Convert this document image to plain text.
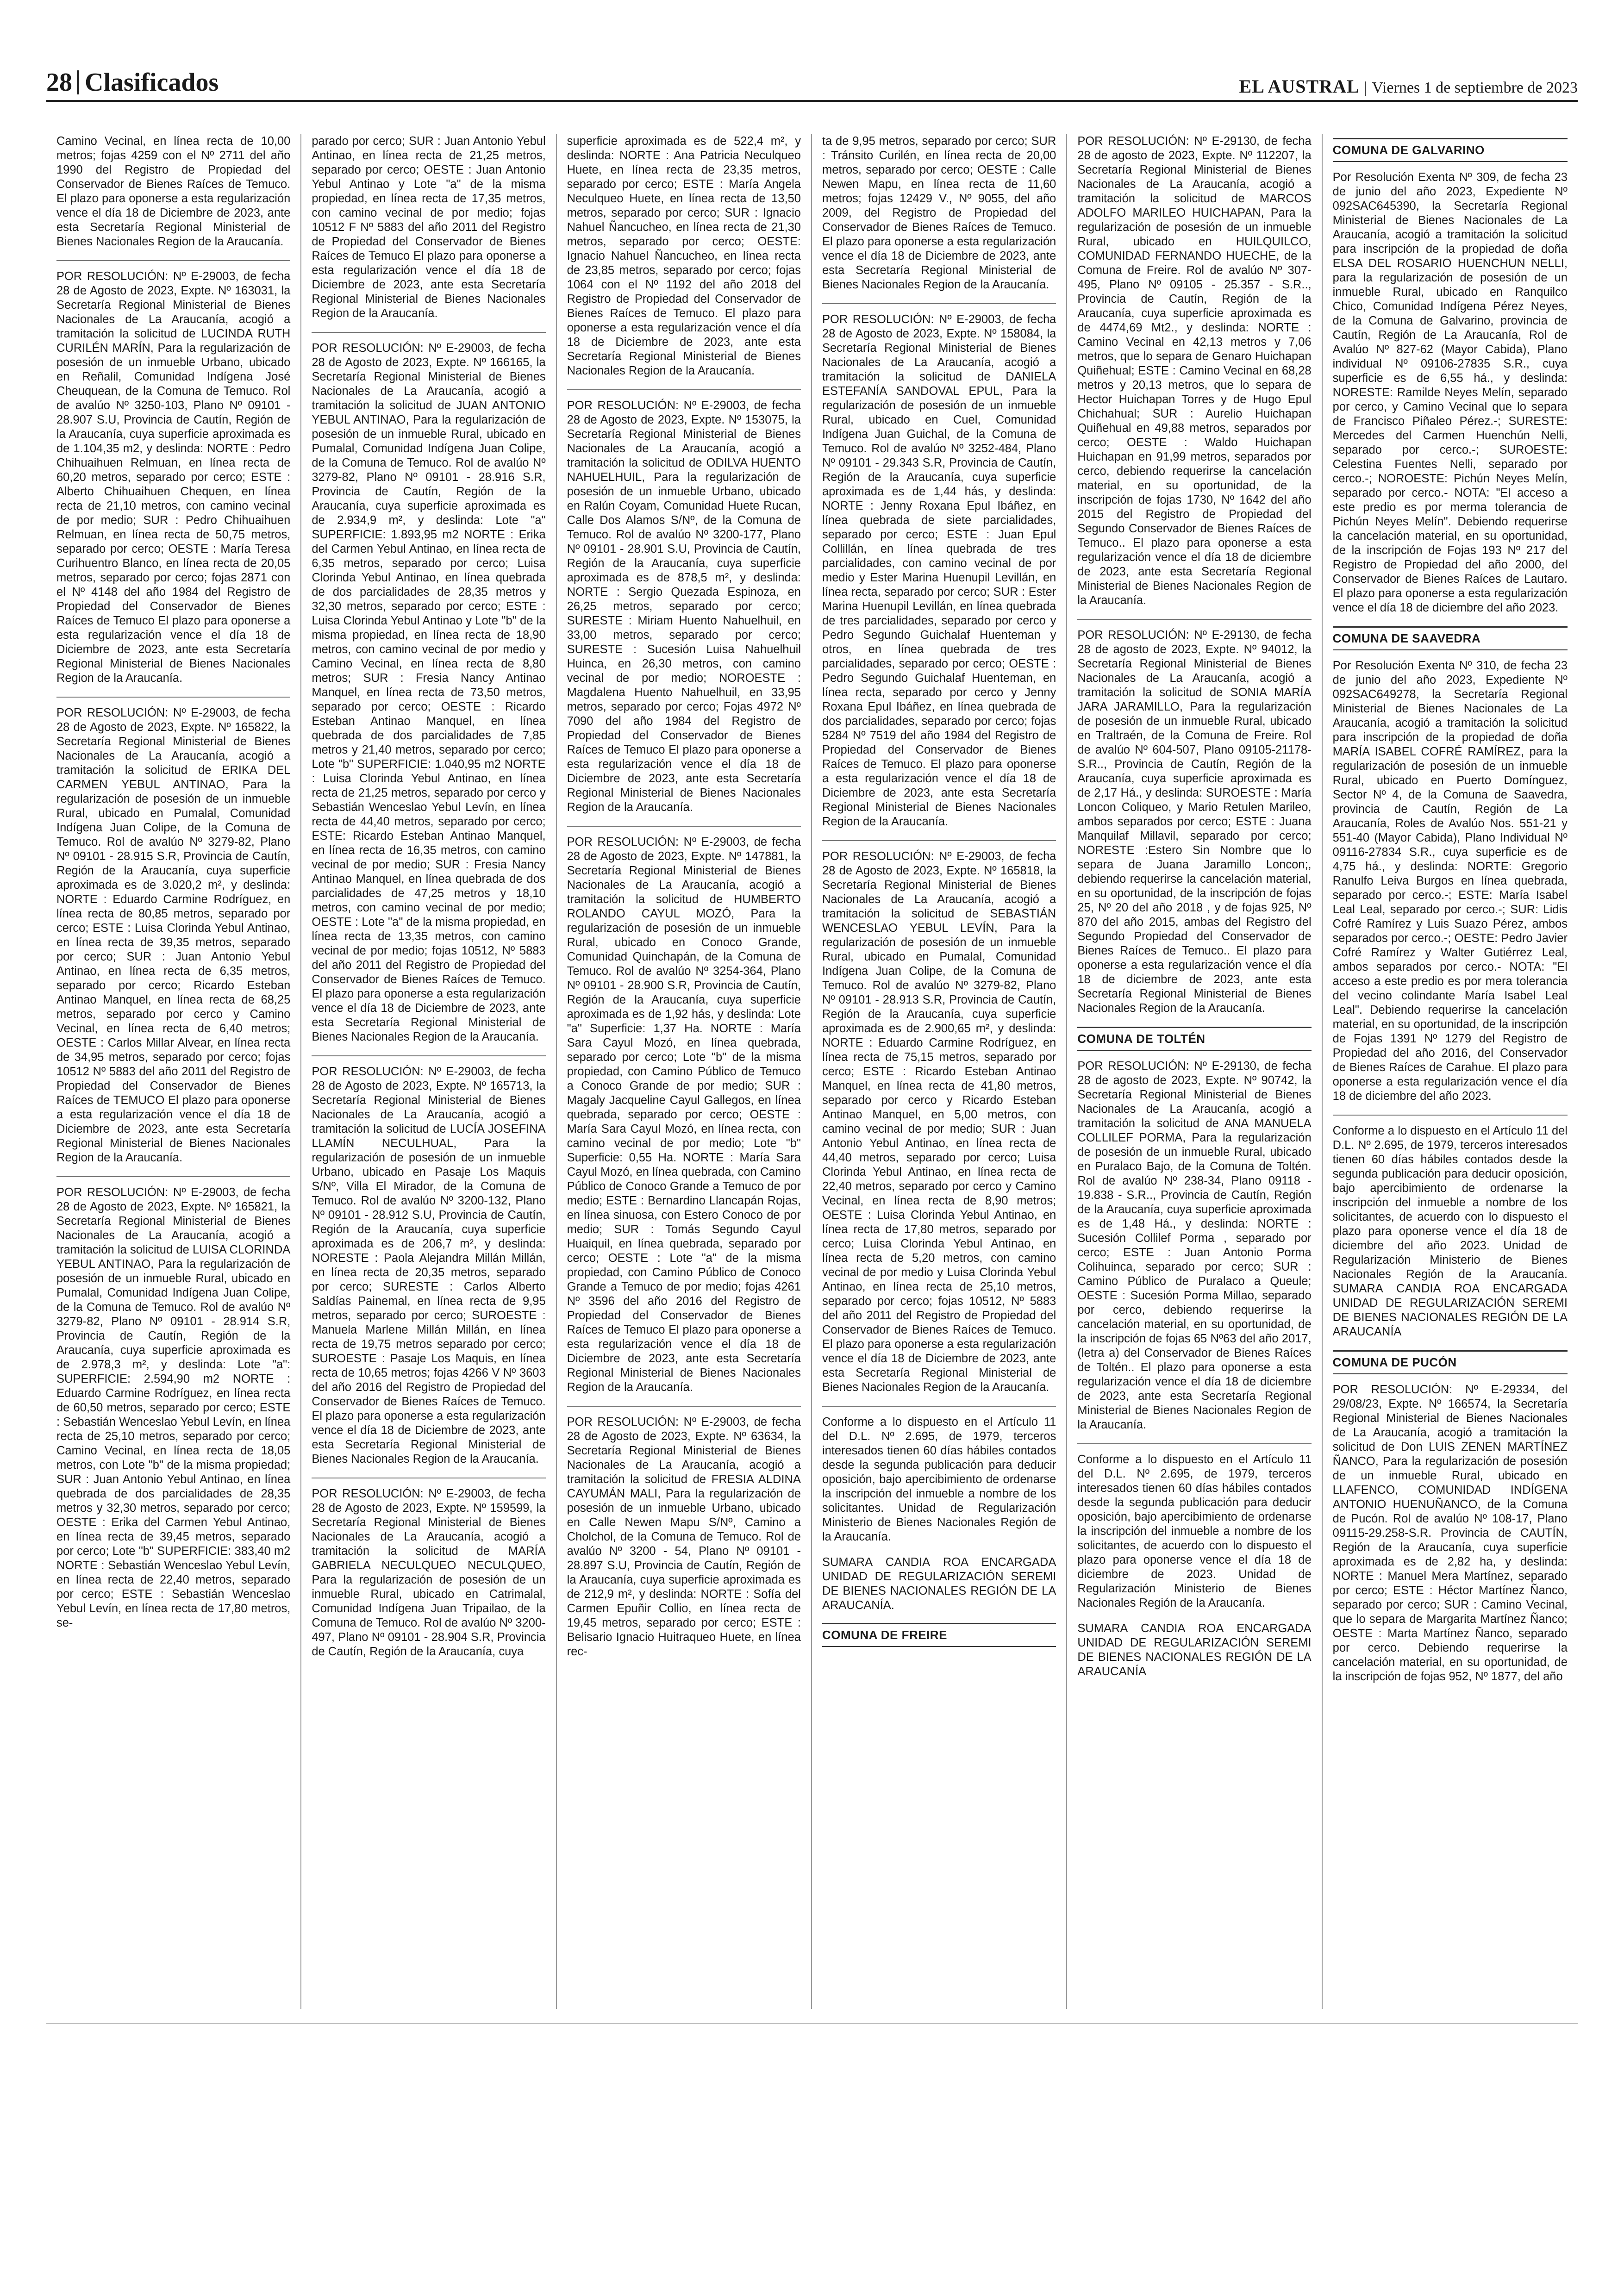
28 Clasificados	EL AUSTRAL | Viernes 1 de septiembre de 2023
Camino Vecinal, en línea recta de 10,00 metros; fojas 4259 con el Nº 2711 del año 1990 del Registro de Propiedad del Conservador de Bienes Raíces de Temuco. El plazo para oponerse a esta regularización vence el día 18 de Diciembre de 2023, ante esta Secretaría Regional Ministerial de Bienes Nacionales Region de la Araucanía.
POR RESOLUCIÓN: Nº E-29003, de fecha 28 de Agosto de 2023, Expte. Nº 163031, la Secretaría Regional Ministerial de Bienes Nacionales de La Araucanía, acogió a tramitación la solicitud de LUCINDA RUTH CURILÉN MARÍN, Para la regularización de posesión de un inmueble Urbano, ubicado en Reñalil, Comunidad Indígena José Cheuquean, de la Comuna de Temuco. Rol de avalúo Nº 3250-103, Plano Nº 09101 - 28.907 S.U, Provincia de Cautín, Región de la Araucanía, cuya superficie aproximada es de 1.104,35 m2, y deslinda: NORTE : Pedro Chihuaihuen Relmuan, en línea recta de 60,20 metros, separado por cerco; ESTE : Alberto Chihuaihuen Chequen, en línea recta de 21,10 metros, con camino vecinal de por medio; SUR : Pedro Chihuaihuen Relmuan, en línea recta de 50,75 metros, separado por cerco; OESTE : María Teresa Curihuentro Blanco, en línea recta de 20,05 metros, separado por cerco; fojas 2871 con el Nº 4148 del año 1984 del Registro de Propiedad del Conservador de Bienes Raíces de Temuco El plazo para oponerse a esta regularización vence el día 18 de Diciembre de 2023, ante esta Secretaría Regional Ministerial de Bienes Nacionales Region de la Araucanía.
POR RESOLUCIÓN: Nº E-29003, de fecha 28 de Agosto de 2023, Expte. Nº 165822, la Secretaría Regional Ministerial de Bienes Nacionales de La Araucanía, acogió a tramitación la solicitud de ERIKA DEL CARMEN YEBUL ANTINAO, Para la regularización de posesión de un inmueble Rural, ubicado en Pumalal, Comunidad Indígena Juan Colipe, de la Comuna de Temuco. Rol de avalúo Nº 3279-82, Plano Nº 09101 - 28.915 S.R, Provincia de Cautín, Región de la Araucanía, cuya superficie aproximada es de 3.020,2 m², y deslinda: NORTE : Eduardo Carmine Rodríguez, en línea recta de 80,85 metros, separado por cerco; ESTE : Luisa Clorinda Yebul Antinao, en línea recta de 39,35 metros, separado por cerco; SUR : Juan Antonio Yebul Antinao, en línea recta de 6,35 metros, separado por cerco; Ricardo Esteban Antinao Manquel, en línea recta de 68,25 metros, separado por cerco y Camino Vecinal, en línea recta de 6,40 metros; OESTE : Carlos Millar Alvear, en línea recta de 34,95 metros, separado por cerco; fojas 10512 Nº 5883 del año 2011 del Registro de Propiedad del Conservador de Bienes Raíces de TEMUCO El plazo para oponerse a esta regularización vence el día 18 de Diciembre de 2023, ante esta Secretaría Regional Ministerial de Bienes Nacionales Region de la Araucanía.
POR RESOLUCIÓN: Nº E-29003, de fecha 28 de Agosto de 2023, Expte. Nº 165821, la Secretaría Regional Ministerial de Bienes Nacionales de La Araucanía, acogió a tramitación la solicitud de LUISA CLORINDA YEBUL ANTINAO, Para la regularización de posesión de un inmueble Rural, ubicado en Pumalal, Comunidad Indígena Juan Colipe, de la Comuna de Temuco. Rol de avalúo Nº 3279-82, Plano Nº 09101 - 28.914 S.R, Provincia de Cautín, Región de la Araucanía, cuya superficie aproximada es de 2.978,3 m², y deslinda: Lote "a": SUPERFICIE: 2.594,90 m2 NORTE : Eduardo Carmine Rodríguez, en línea recta de 60,50 metros, separado por cerco; ESTE : Sebastián Wenceslao Yebul Levín, en línea recta de 25,10 metros, separado por cerco; Camino Vecinal, en línea recta de 18,05 metros, con Lote "b" de la misma propiedad; SUR : Juan Antonio Yebul Antinao, en línea quebrada de dos parcialidades de 28,35 metros y 32,30 metros, separado por cerco; OESTE : Erika del Carmen Yebul Antinao, en línea recta de 39,45 metros, separado por cerco; Lote "b" SUPERFICIE: 383,40 m2 NORTE : Sebastián Wenceslao Yebul Levín, en línea recta de 22,40 metros, separado por cerco; ESTE : Sebastián Wenceslao Yebul Levín, en línea recta de 17,80 metros, se-
parado por cerco; SUR : Juan Antonio Yebul Antinao, en línea recta de 21,25 metros, separado por cerco; OESTE : Juan Antonio Yebul Antinao y Lote "a" de la misma propiedad, en línea recta de 17,35 metros, con camino vecinal de por medio; fojas 10512 F Nº 5883 del año 2011 del Registro de Propiedad del Conservador de Bienes Raíces de Temuco El plazo para oponerse a esta regularización vence el día 18 de Diciembre de 2023, ante esta Secretaría Regional Ministerial de Bienes Nacionales Region de la Araucanía.
POR RESOLUCIÓN: Nº E-29003, de fecha 28 de Agosto de 2023, Expte. Nº 166165, la Secretaría Regional Ministerial de Bienes Nacionales de La Araucanía, acogió a tramitación la solicitud de JUAN ANTONIO YEBUL ANTINAO, Para la regularización de posesión de un inmueble Rural, ubicado en Pumalal, Comunidad Indígena Juan Colipe, de la Comuna de Temuco. Rol de avalúo Nº 3279-82, Plano Nº 09101 - 28.916 S.R, Provincia de Cautín, Región de la Araucanía, cuya superficie aproximada es de 2.934,9 m², y deslinda: Lote "a" SUPERFICIE: 1.893,95 m2 NORTE : Erika del Carmen Yebul Antinao, en línea recta de 6,35 metros, separado por cerco; Luisa Clorinda Yebul Antinao, en línea quebrada de dos parcialidades de 28,35 metros y 32,30 metros, separado por cerco; ESTE : Luisa Clorinda Yebul Antinao y Lote "b" de la misma propiedad, en línea recta de 18,90 metros, con camino vecinal de por medio y Camino Vecinal, en línea recta de 8,80 metros; SUR : Fresia Nancy Antinao Manquel, en línea recta de 73,50 metros, separado por cerco; OESTE : Ricardo Esteban Antinao Manquel, en línea quebrada de dos parcialidades de 7,85 metros y 21,40 metros, separado por cerco; Lote "b" SUPERFICIE: 1.040,95 m2 NORTE : Luisa Clorinda Yebul Antinao, en línea recta de 21,25 metros, separado por cerco y Sebastián Wenceslao Yebul Levín, en línea recta de 44,40 metros, separado por cerco; ESTE: Ricardo Esteban Antinao Manquel, en línea recta de 16,35 metros, con camino vecinal de por medio; SUR : Fresia Nancy Antinao Manquel, en línea quebrada de dos parcialidades de 47,25 metros y 18,10 metros, con camino vecinal de por medio; OESTE : Lote "a" de la misma propiedad, en línea recta de 13,35 metros, con camino vecinal de por medio; fojas 10512, Nº 5883 del año 2011 del Registro de Propiedad del Conservador de Bienes Raíces de Temuco. El plazo para oponerse a esta regularización vence el día 18 de Diciembre de 2023, ante esta Secretaría Regional Ministerial de Bienes Nacionales Region de la Araucanía.
POR RESOLUCIÓN: Nº E-29003, de fecha 28 de Agosto de 2023, Expte. Nº 165713, la Secretaría Regional Ministerial de Bienes Nacionales de La Araucanía, acogió a tramitación la solicitud de LUCÍA JOSEFINA LLAMÍN NECULHUAL, Para la regularización de posesión de un inmueble Urbano, ubicado en Pasaje Los Maquis S/Nº, Villa El Mirador, de la Comuna de Temuco. Rol de avalúo Nº 3200-132, Plano Nº 09101 - 28.912 S.U, Provincia de Cautín, Región de la Araucanía, cuya superficie aproximada es de 206,7 m², y deslinda: NORESTE : Paola Alejandra Millán Millán, en línea recta de 20,35 metros, separado por cerco; SURESTE : Carlos Alberto Saldías Painemal, en línea recta de 9,95 metros, separado por cerco; SUROESTE : Manuela Marlene Millán Millán, en línea recta de 19,75 metros separado por cerco; SUROESTE : Pasaje Los Maquis, en línea recta de 10,65 metros; fojas 4266 V Nº 3603 del año 2016 del Registro de Propiedad del Conservador de Bienes Raíces de Temuco. El plazo para oponerse a esta regularización vence el día 18 de Diciembre de 2023, ante esta Secretaría Regional Ministerial de Bienes Nacionales Region de la Araucanía.
POR RESOLUCIÓN: Nº E-29003, de fecha 28 de Agosto de 2023, Expte. Nº 159599, la Secretaría Regional Ministerial de Bienes Nacionales de La Araucanía, acogió a tramitación la solicitud de MARÍA GABRIELA NECULQUEO NECULQUEO, Para la regularización de posesión de un inmueble Rural, ubicado en Catrimalal, Comunidad Indígena Juan Tripailao, de la Comuna de Temuco. Rol de avalúo Nº 3200-497, Plano Nº 09101 - 28.904 S.R, Provincia de Cautín, Región de la Araucanía, cuya
superficie aproximada es de 522,4 m², y deslinda: NORTE : Ana Patricia Neculqueo Huete, en línea recta de 23,35 metros, separado por cerco; ESTE : María Angela Neculqueo Huete, en línea recta de 13,50 metros, separado por cerco; SUR : Ignacio Nahuel Ñancucheo, en línea recta de 21,30 metros, separado por cerco; OESTE: Ignacio Nahuel Ñancucheo, en línea recta de 23,85 metros, separado por cerco; fojas 1064 con el Nº 1192 del año 2018 del Registro de Propiedad del Conservador de Bienes Raíces de Temuco. El plazo para oponerse a esta regularización vence el día 18 de Diciembre de 2023, ante esta Secretaría Regional Ministerial de Bienes Nacionales Region de la Araucanía.
POR RESOLUCIÓN: Nº E-29003, de fecha 28 de Agosto de 2023, Expte. Nº 153075, la Secretaría Regional Ministerial de Bienes Nacionales de La Araucanía, acogió a tramitación la solicitud de ODILVA HUENTO NAHUELHUIL, Para la regularización de posesión de un inmueble Urbano, ubicado en Ralún Coyam, Comunidad Huete Rucan, Calle Dos Alamos S/Nº, de la Comuna de Temuco. Rol de avalúo Nº 3200-177, Plano Nº 09101 - 28.901 S.U, Provincia de Cautín, Región de la Araucanía, cuya superficie aproximada es de 878,5 m², y deslinda: NORTE : Sergio Quezada Espinoza, en 26,25 metros, separado por cerco; SURESTE : Miriam Huento Nahuelhuil, en 33,00 metros, separado por cerco; SURESTE : Sucesión Luisa Nahuelhuil Huinca, en 26,30 metros, con camino vecinal de por medio; NOROESTE : Magdalena Huento Nahuelhuil, en 33,95 metros, separado por cerco; Fojas 4972 Nº 7090 del año 1984 del Registro de Propiedad del Conservador de Bienes Raíces de Temuco El plazo para oponerse a esta regularización vence el día 18 de Diciembre de 2023, ante esta Secretaría Regional Ministerial de Bienes Nacionales Region de la Araucanía.
POR RESOLUCIÓN: Nº E-29003, de fecha 28 de Agosto de 2023, Expte. Nº 147881, la Secretaría Regional Ministerial de Bienes Nacionales de La Araucanía, acogió a tramitación la solicitud de HUMBERTO ROLANDO CAYUL MOZÓ, Para la regularización de posesión de un inmueble Rural, ubicado en Conoco Grande, Comunidad Quinchapán, de la Comuna de Temuco. Rol de avalúo Nº 3254-364, Plano Nº 09101 - 28.900 S.R, Provincia de Cautín, Región de la Araucanía, cuya superficie aproximada es de 1,92 hás, y deslinda: Lote "a" Superficie: 1,37 Ha. NORTE : María Sara Cayul Mozó, en línea quebrada, separado por cerco; Lote "b" de la misma propiedad, con Camino Público de Temuco a Conoco Grande de por medio; SUR : Magaly Jacqueline Cayul Gallegos, en línea quebrada, separado por cerco; OESTE : María Sara Cayul Mozó, en línea recta, con camino vecinal de por medio; Lote "b" Superficie: 0,55 Ha. NORTE : María Sara Cayul Mozó, en línea quebrada, con Camino Público de Conoco Grande a Temuco de por medio; ESTE : Bernardino Llancapán Rojas, en línea sinuosa, con Estero Conoco de por medio; SUR : Tomás Segundo Cayul Huaiquil, en línea quebrada, separado por cerco; OESTE : Lote "a" de la misma propiedad, con Camino Público de Conoco Grande a Temuco de por medio; fojas 4261 Nº 3596 del año 2016 del Registro de Propiedad del Conservador de Bienes Raíces de Temuco El plazo para oponerse a esta regularización vence el día 18 de Diciembre de 2023, ante esta Secretaría Regional Ministerial de Bienes Nacionales Region de la Araucanía.
POR RESOLUCIÓN: Nº E-29003, de fecha 28 de Agosto de 2023, Expte. Nº 63634, la Secretaría Regional Ministerial de Bienes Nacionales de La Araucanía, acogió a tramitación la solicitud de FRESIA ALDINA CAYUMÁN MALI, Para la regularización de posesión de un inmueble Urbano, ubicado en Calle Newen Mapu S/Nº, Camino a Cholchol, de la Comuna de Temuco. Rol de avalúo Nº 3200 - 54, Plano Nº 09101 - 28.897 S.U, Provincia de Cautín, Región de la Araucanía, cuya superficie aproximada es de 212,9 m², y deslinda: NORTE : Sofía del Carmen Epuñir Collio, en línea recta de 19,45 metros, separado por cerco; ESTE : Belisario Ignacio Huitraqueo Huete, en línea rec-
ta de 9,95 metros, separado por cerco; SUR : Tránsito Curilén, en línea recta de 20,00 metros, separado por cerco; OESTE : Calle Newen Mapu, en línea recta de 11,60 metros; fojas 12429 V., Nº 9055, del año 2009, del Registro de Propiedad del Conservador de Bienes Raíces de Temuco. El plazo para oponerse a esta regularización vence el día 18 de Diciembre de 2023, ante esta Secretaría Regional Ministerial de Bienes Nacionales Region de la Araucanía.
POR RESOLUCIÓN: Nº E-29003, de fecha 28 de Agosto de 2023, Expte. Nº 158084, la Secretaría Regional Ministerial de Bienes Nacionales de La Araucanía, acogió a tramitación la solicitud de DANIELA ESTEFANÍA SANDOVAL EPUL, Para la regularización de posesión de un inmueble Rural, ubicado en Cuel, Comunidad Indígena Juan Guichal, de la Comuna de Temuco. Rol de avalúo Nº 3252-484, Plano Nº 09101 - 29.343 S.R, Provincia de Cautín, Región de la Araucanía, cuya superficie aproximada es de 1,44 hás, y deslinda: NORTE : Jenny Roxana Epul Ibáñez, en línea quebrada de siete parcialidades, separado por cerco; ESTE : Juan Epul Collillán, en línea quebrada de tres parcialidades, con camino vecinal de por medio y Ester Marina Huenupil Levillán, en línea recta, separado por cerco; SUR : Ester Marina Huenupil Levillán, en línea quebrada de tres parcialidades, separado por cerco y Pedro Segundo Guichalaf Huenteman y otros, en línea quebrada de tres parcialidades, separado por cerco; OESTE : Pedro Segundo Guichalaf Huenteman, en línea recta, separado por cerco y Jenny Roxana Epul Ibáñez, en línea quebrada de dos parcialidades, separado por cerco; fojas 5284 Nº 7519 del año 1984 del Registro de Propiedad del Conservador de Bienes Raíces de Temuco. El plazo para oponerse a esta regularización vence el día 18 de Diciembre de 2023, ante esta Secretaría Regional Ministerial de Bienes Nacionales Region de la Araucanía.
POR RESOLUCIÓN: Nº E-29003, de fecha 28 de Agosto de 2023, Expte. Nº 165818, la Secretaría Regional Ministerial de Bienes Nacionales de La Araucanía, acogió a tramitación la solicitud de SEBASTIÁN WENCESLAO YEBUL LEVÍN, Para la regularización de posesión de un inmueble Rural, ubicado en Pumalal, Comunidad Indígena Juan Colipe, de la Comuna de Temuco. Rol de avalúo Nº 3279-82, Plano Nº 09101 - 28.913 S.R, Provincia de Cautín, Región de la Araucanía, cuya superficie aproximada es de 2.900,65 m², y deslinda: NORTE : Eduardo Carmine Rodríguez, en línea recta de 75,15 metros, separado por cerco; ESTE : Ricardo Esteban Antinao Manquel, en línea recta de 41,80 metros, separado por cerco y Ricardo Esteban Antinao Manquel, en 5,00 metros, con camino vecinal de por medio; SUR : Juan Antonio Yebul Antinao, en línea recta de 44,40 metros, separado por cerco; Luisa Clorinda Yebul Antinao, en línea recta de 22,40 metros, separado por cerco y Camino Vecinal, en línea recta de 8,90 metros; OESTE : Luisa Clorinda Yebul Antinao, en línea recta de 17,80 metros, separado por cerco; Luisa Clorinda Yebul Antinao, en línea recta de 5,20 metros, con camino vecinal de por medio y Luisa Clorinda Yebul Antinao, en línea recta de 25,10 metros, separado por cerco; fojas 10512, Nº 5883 del año 2011 del Registro de Propiedad del Conservador de Bienes Raíces de Temuco. El plazo para oponerse a esta regularización vence el día 18 de Diciembre de 2023, ante esta Secretaría Regional Ministerial de Bienes Nacionales Region de la Araucanía.
Conforme a lo dispuesto en el Artículo 11 del D.L. Nº 2.695, de 1979, terceros interesados tienen 60 días hábiles contados desde la segunda publicación para deducir oposición, bajo apercibimiento de ordenarse la inscripción del inmueble a nombre de los solicitantes. Unidad de Regularización Ministerio de Bienes Nacionales Región de la Araucanía.
SUMARA CANDIA ROA ENCARGADA UNIDAD DE REGULARIZACIÓN SEREMI DE BIENES NACIONALES REGIÓN DE LA ARAUCANÍA.
COMUNA DE FREIRE
POR RESOLUCIÓN: Nº E-29130, de fecha 28 de agosto de 2023, Expte. Nº 112207, la Secretaría Regional Ministerial de Bienes Nacionales de La Araucanía, acogió a tramitación la solicitud de MARCOS ADOLFO MARILEO HUICHAPAN, Para la regularización de posesión de un inmueble Rural, ubicado en HUILQUILCO, COMUNIDAD FERNANDO HUECHE, de la Comuna de Freire. Rol de avalúo Nº 307-495, Plano Nº 09105 - 25.357 - S.R.., Provincia de Cautín, Región de la Araucanía, cuya superficie aproximada es de 4474,69 Mt2., y deslinda: NORTE : Camino Vecinal en 42,13 metros y 7,06 metros, que lo separa de Genaro Huichapan Quiñehual; ESTE : Camino Vecinal en 68,28 metros y 20,13 metros, que lo separa de Hector Huichapan Torres y de Hugo Epul Chichahual; SUR : Aurelio Huichapan Quiñehual en 49,88 metros, separados por cerco; OESTE : Waldo Huichapan Huichapan en 91,99 metros, separados por cerco, debiendo requerirse la cancelación material, en su oportunidad, de la inscripción de fojas 1730, Nº 1642 del año 2015 del Registro de Propiedad del Segundo Conservador de Bienes Raíces de Temuco.. El plazo para oponerse a esta regularización vence el día 18 de diciembre de 2023, ante esta Secretaría Regional Ministerial de Bienes Nacionales Region de la Araucanía.
POR RESOLUCIÓN: Nº E-29130, de fecha 28 de agosto de 2023, Expte. Nº 94012, la Secretaría Regional Ministerial de Bienes Nacionales de La Araucanía, acogió a tramitación la solicitud de SONIA MARÍA JARA JARAMILLO, Para la regularización de posesión de un inmueble Rural, ubicado en Traltraén, de la Comuna de Freire. Rol de avalúo Nº 604-507, Plano 09105-21178-S.R.., Provincia de Cautín, Región de la Araucanía, cuya superficie aproximada es de 2,17 Há., y deslinda: SUROESTE : María Loncon Coliqueo, y Mario Retulen Marileo, ambos separados por cerco; ESTE : Juana Manquilaf Millavil, separado por cerco; NORESTE :Estero Sin Nombre que lo separa de Juana Jaramillo Loncon;, debiendo requerirse la cancelación material, en su oportunidad, de la inscripción de fojas 25, Nº 20 del año 2018 , y de fojas 925, Nº 870 del año 2015, ambas del Registro del Segundo Propiedad del Conservador de Bienes Raíces de Temuco.. El plazo para oponerse a esta regularización vence el día 18 de diciembre de 2023, ante esta Secretaría Regional Ministerial de Bienes Nacionales Region de la Araucanía.
COMUNA DE TOLTÉN
POR RESOLUCIÓN: Nº E-29130, de fecha 28 de agosto de 2023, Expte. Nº 90742, la Secretaría Regional Ministerial de Bienes Nacionales de La Araucanía, acogió a tramitación la solicitud de ANA MANUELA COLLILEF PORMA, Para la regularización de posesión de un inmueble Rural, ubicado en Puralaco Bajo, de la Comuna de Toltén. Rol de avalúo Nº 238-34, Plano 09118 - 19.838 - S.R.., Provincia de Cautín, Región de la Araucanía, cuya superficie aproximada es de 1,48 Há., y deslinda: NORTE : Sucesión Collilef Porma , separado por cerco; ESTE : Juan Antonio Porma Colihuinca, separado por cerco; SUR : Camino Público de Puralaco a Queule; OESTE : Sucesión Porma Millao, separado por cerco, debiendo requerirse la cancelación material, en su oportunidad, de la inscripción de fojas 65 Nº63 del año 2017, (letra a) del Conservador de Bienes Raíces de Toltén.. El plazo para oponerse a esta regularización vence el día 18 de diciembre de 2023, ante esta Secretaría Regional Ministerial de Bienes Nacionales Region de la Araucanía.
Conforme a lo dispuesto en el Artículo 11 del D.L. Nº 2.695, de 1979, terceros interesados tienen 60 días hábiles contados desde la segunda publicación para deducir oposición, bajo apercibimiento de ordenarse la inscripción del inmueble a nombre de los solicitantes, de acuerdo con lo dispuesto el plazo para oponerse vence el día 18 de diciembre de 2023. Unidad de Regularización Ministerio de Bienes Nacionales Región de la Araucanía.
SUMARA CANDIA ROA ENCARGADA UNIDAD DE REGULARIZACIÓN SEREMI DE BIENES NACIONALES REGIÓN DE LA ARAUCANÍA
COMUNA DE GALVARINO
Por Resolución Exenta Nº 309, de fecha 23 de junio del año 2023, Expediente Nº 092SAC645390, la Secretaría Regional Ministerial de Bienes Nacionales de La Araucanía, acogió a tramitación la solicitud para inscripción de la propiedad de doña ELSA DEL ROSARIO HUENCHUN NELLI, para la regularización de posesión de un inmueble Rural, ubicado en Ranquilco Chico, Comunidad Indígena Pérez Neyes, de la Comuna de Galvarino, provincia de Cautín, Región de La Araucanía, Rol de Avalúo Nº 827-62 (Mayor Cabida), Plano individual Nº 09106-27835 S.R., cuya superficie es de 6,55 há., y deslinda: NORESTE: Ramilde Neyes Melín, separado por cerco, y Camino Vecinal que lo separa de Francisco Piñaleo Pérez.-; SURESTE: Mercedes del Carmen Huenchún Nelli, separado por cerco.-; SUROESTE: Celestina Fuentes Nelli, separado por cerco.-; NOROESTE: Pichún Neyes Melín, separado por cerco.- NOTA: "El acceso a este predio es por merma tolerancia de Pichún Neyes Melín". Debiendo requerirse la cancelación material, en su oportunidad, de la inscripción de Fojas 193 Nº 217 del Registro de Propiedad del año 2000, del Conservador de Bienes Raíces de Lautaro. El plazo para oponerse a esta regularización vence el día 18 de diciembre del año 2023.
COMUNA DE SAAVEDRA
Por Resolución Exenta Nº 310, de fecha 23 de junio del año 2023, Expediente Nº 092SAC649278, la Secretaría Regional Ministerial de Bienes Nacionales de La Araucanía, acogió a tramitación la solicitud para inscripción de la propiedad de doña MARÍA ISABEL COFRÉ RAMÍREZ, para la regularización de posesión de un inmueble Rural, ubicado en Puerto Domínguez, Sector Nº 4, de la Comuna de Saavedra, provincia de Cautín, Región de La Araucanía, Roles de Avalúo Nos. 551-21 y 551-40 (Mayor Cabida), Plano Individual Nº 09116-27834 S.R., cuya superficie es de 4,75 há., y deslinda: NORTE: Gregorio Ranulfo Leiva Burgos en línea quebrada, separado por cerco.-; ESTE: María Isabel Leal Leal, separado por cerco.-; SUR: Lidis Cofré Ramírez y Luis Suazo Pérez, ambos separados por cerco.-; OESTE: Pedro Javier Cofré Ramírez y Walter Gutiérrez Leal, ambos separados por cerco.- NOTA: "El acceso a este predio es por mera tolerancia del vecino colindante María Isabel Leal Leal". Debiendo requerirse la cancelación material, en su oportunidad, de la inscripción de Fojas 1391 Nº 1279 del Registro de Propiedad del año 2016, del Conservador de Bienes Raíces de Carahue. El plazo para oponerse a esta regularización vence el día 18 de diciembre del año 2023.
Conforme a lo dispuesto en el Artículo 11 del D.L. Nº 2.695, de 1979, terceros interesados tienen 60 días hábiles contados desde la segunda publicación para deducir oposición, bajo apercibimiento de ordenarse la inscripción del inmueble a nombre de los solicitantes, de acuerdo con lo dispuesto el plazo para oponerse vence el día 18 de diciembre del año 2023. Unidad de Regularización Ministerio de Bienes Nacionales Región de la Araucanía. SUMARA CANDIA ROA ENCARGADA UNIDAD DE REGULARIZACIÓN SEREMI DE BIENES NACIONALES REGIÓN DE LA ARAUCANÍA
COMUNA DE PUCÓN
POR RESOLUCIÓN: Nº E-29334, del 29/08/23, Expte. Nº 166574, la Secretaría Regional Ministerial de Bienes Nacionales de La Araucanía, acogió a tramitación la solicitud de Don LUIS ZENEN MARTÍNEZ ÑANCO, Para la regularización de posesión de un inmueble Rural, ubicado en LLAFENCO, COMUNIDAD INDÍGENA ANTONIO HUENUÑANCO, de la Comuna de Pucón. Rol de avalúo Nº 108-17, Plano 09115-29.258-S.R. Provincia de CAUTÍN, Región de la Araucanía, cuya superficie aproximada es de 2,82 ha, y deslinda: NORTE : Manuel Mera Martínez, separado por cerco; ESTE : Héctor Martínez Ñanco, separado por cerco; SUR : Camino Vecinal, que lo separa de Margarita Martínez Ñanco; OESTE : Marta Martínez Ñanco, separado por cerco. Debiendo requerirse la cancelación material, en su oportunidad, de la inscripción de fojas 952, Nº 1877, del año
